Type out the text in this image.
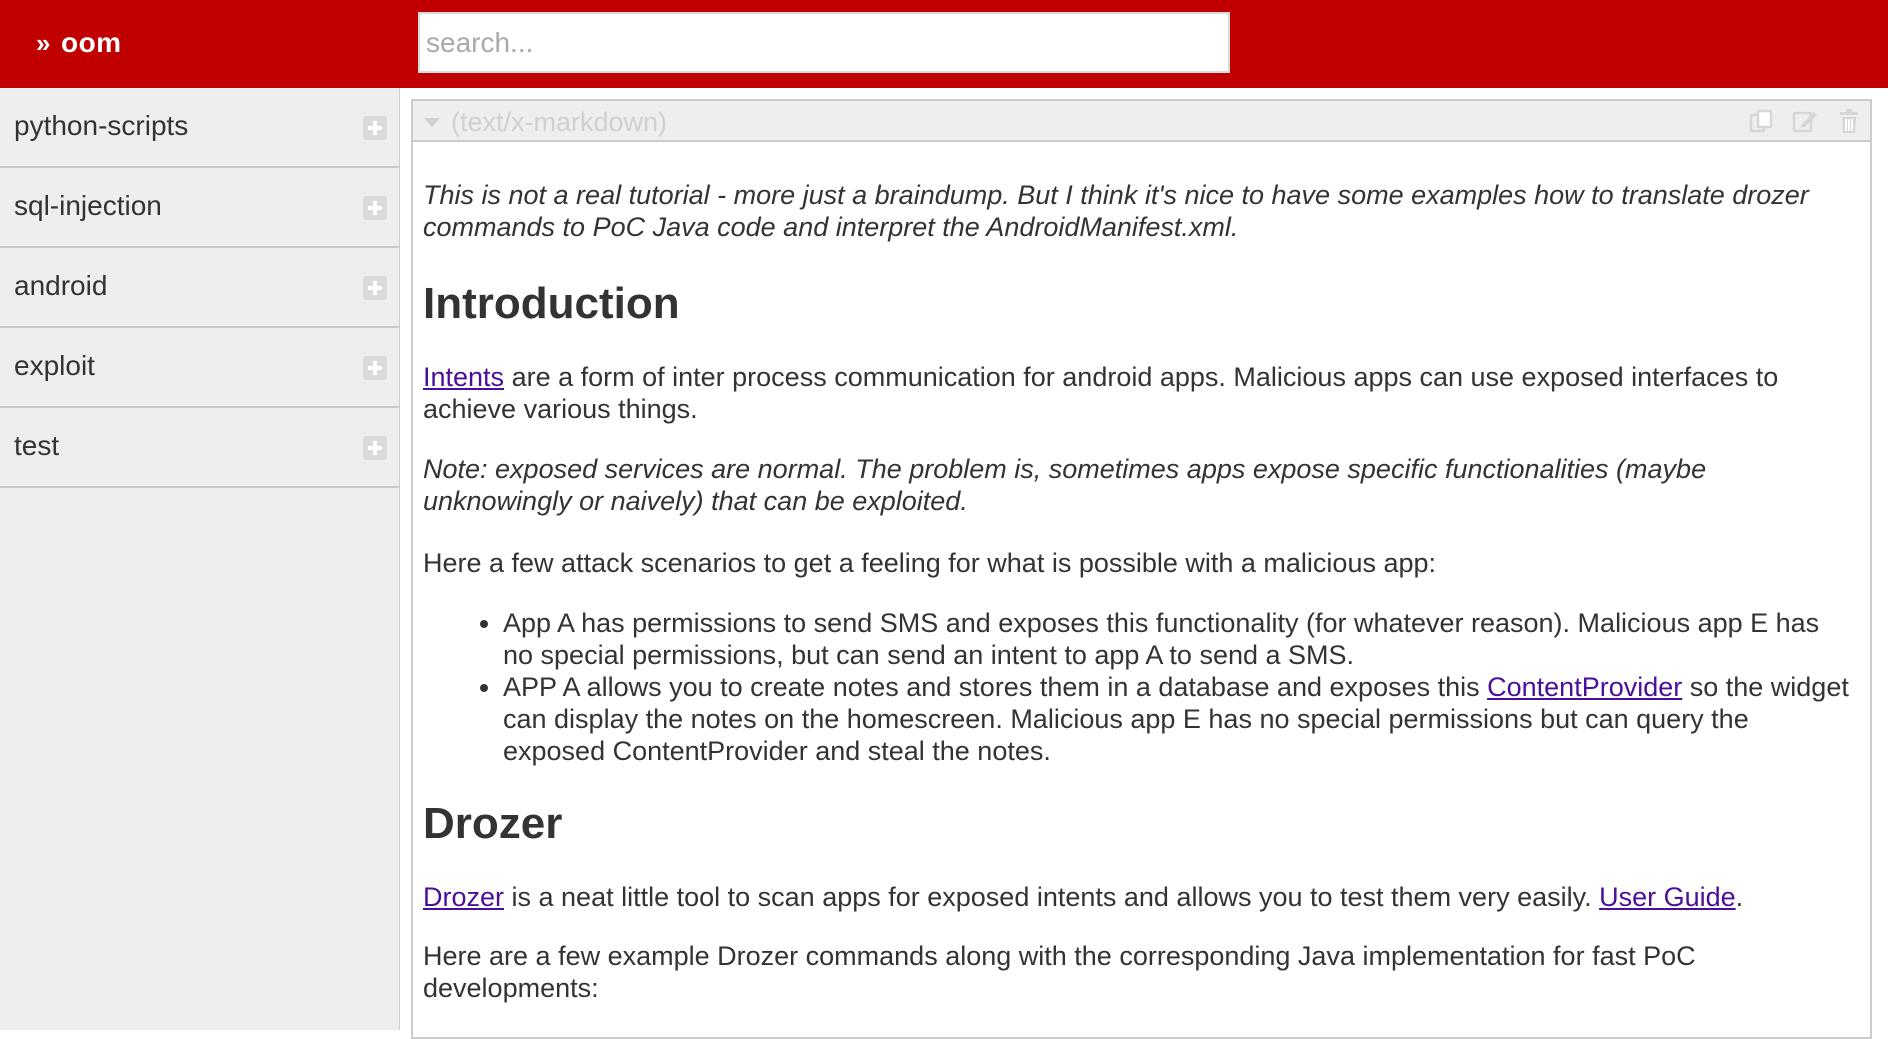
» oom
search...
python-scripts
sql-injection
android
exploit
test
(text/x-markdown)

This is not a real tutorial - more just a braindump. But I think it's nice to have some examples how to translate drozer commands to PoC Java code and interpret the AndroidManifest.xml.

Introduction

Intents are a form of inter process communication for android apps. Malicious apps can use exposed interfaces to achieve various things.

Note: exposed services are normal. The problem is, sometimes apps expose specific functionalities (maybe unknowingly or naively) that can be exploited.

Here a few attack scenarios to get a feeling for what is possible with a malicious app:

• App A has permissions to send SMS and exposes this functionality (for whatever reason). Malicious app E has no special permissions, but can send an intent to app A to send a SMS.
• APP A allows you to create notes and stores them in a database and exposes this ContentProvider so the widget can display the notes on the homescreen. Malicious app E has no special permissions but can query the exposed ContentProvider and steal the notes.
Drozer

Drozer is a neat little tool to scan apps for exposed intents and allows you to test them very easily. User Guide.

Here are a few example Drozer commands along with the corresponding Java implementation for fast PoC developments:
